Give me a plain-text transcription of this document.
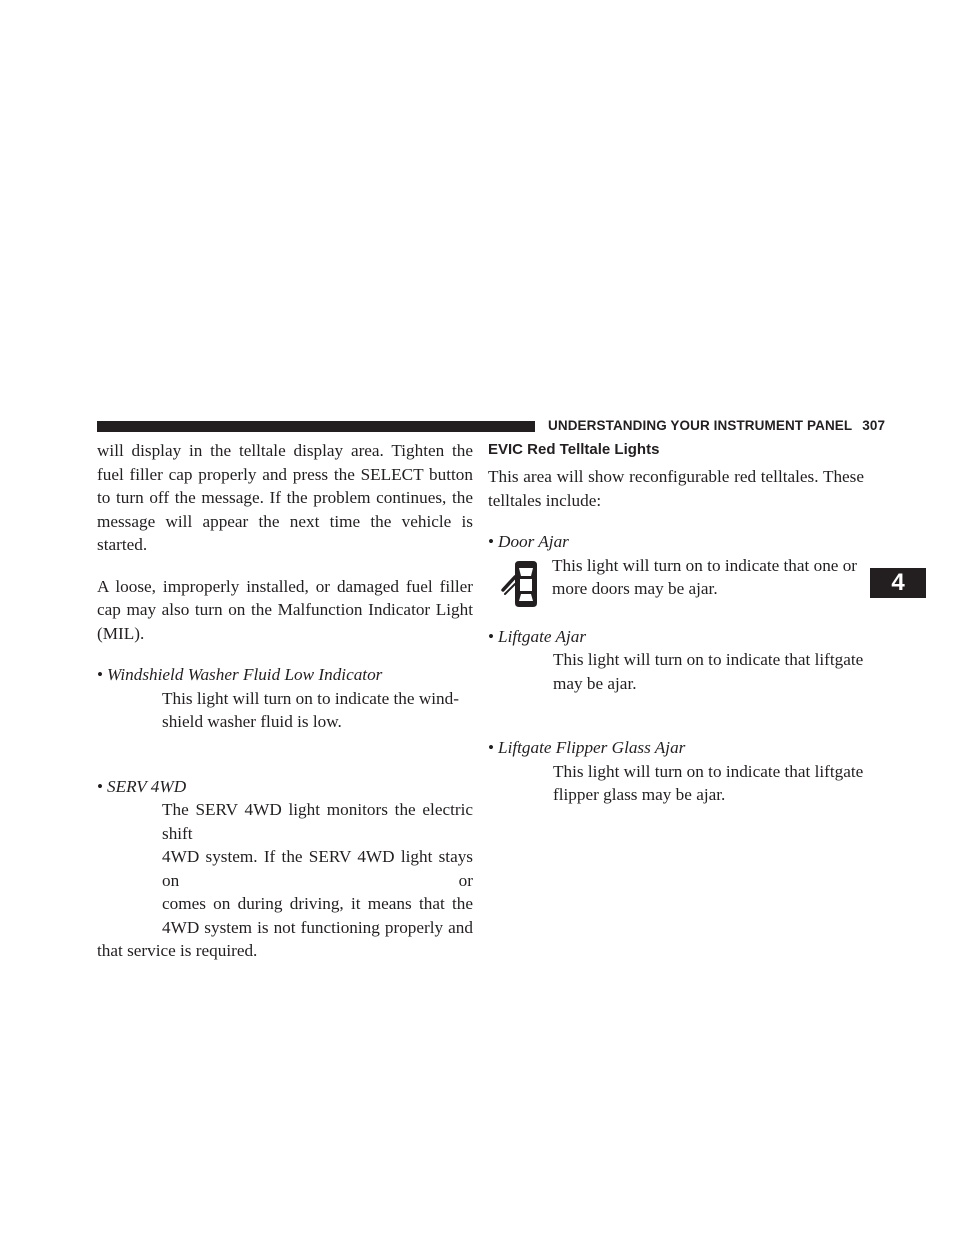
UNDERSTANDING YOUR INSTRUMENT PANEL 307

will display in the telltale display area. Tighten the fuel filler cap properly and press the SELECT button to turn off the message. If the problem continues, the message will appear the next time the vehicle is started.

A loose, improperly installed, or damaged fuel filler cap may also turn on the Malfunction Indicator Light (MIL).

• Windshield Washer Fluid Low Indicator

This light will turn on to indicate the wind-

shield washer fluid is low.

• SERV 4WD

The SERV 4WD light monitors the electric shift

4WD system. If the SERV 4WD light stays on or

comes on during driving, it means that the

4WD system is not functioning properly and

that service is required.

EVIC Red Telltale Lights

This area will show reconfigurable red telltales. These telltales include:

• Door Ajar

This light will turn on to indicate that one or

more doors may be ajar.

• Liftgate Ajar

This light will turn on to indicate that liftgate

may be ajar.

• Liftgate Flipper Glass Ajar

This light will turn on to indicate that liftgate

flipper glass may be ajar.

4
